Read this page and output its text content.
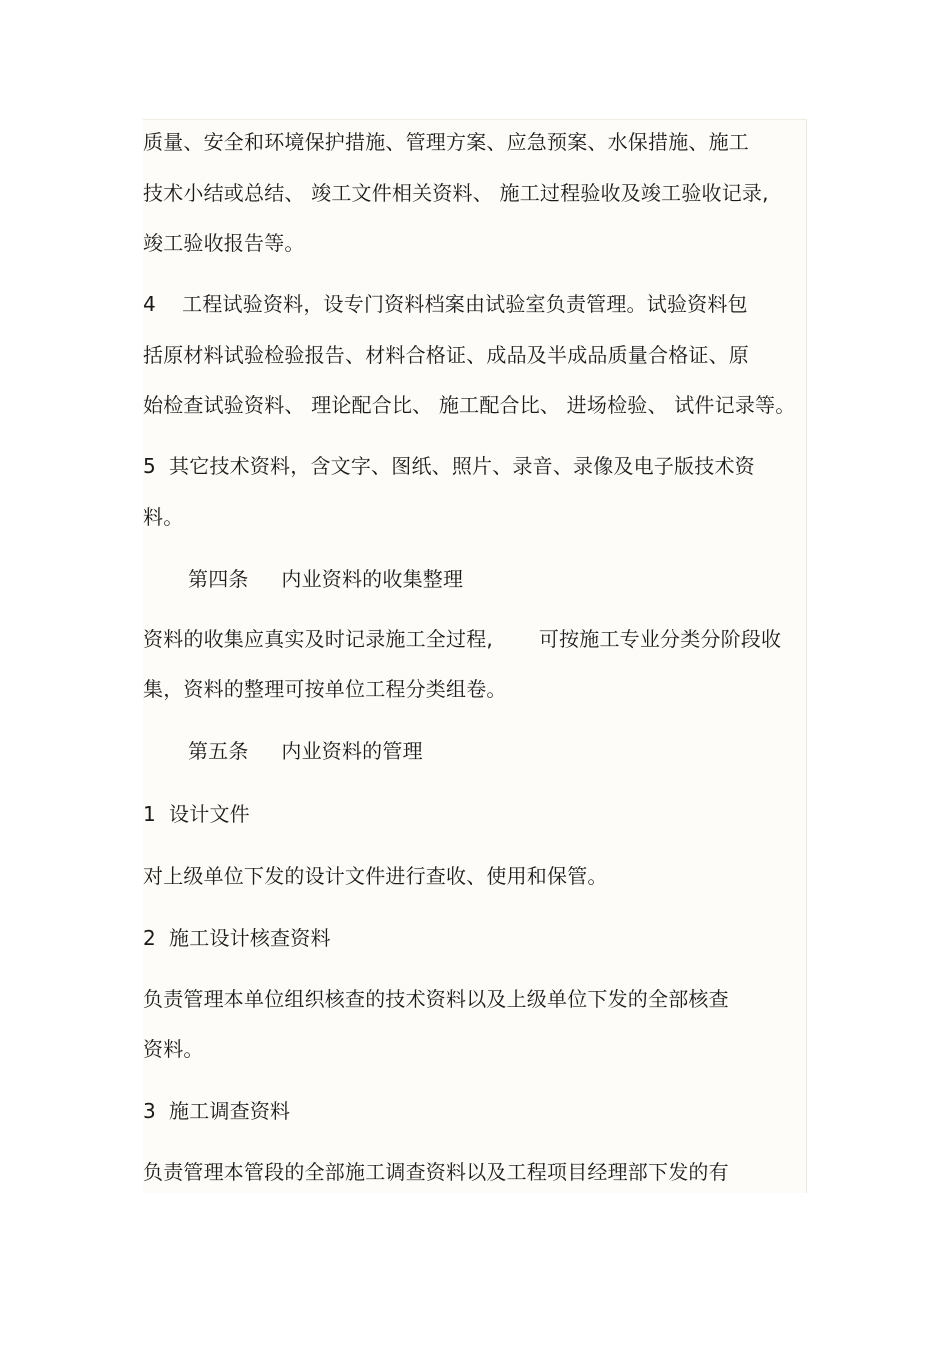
质量、安全和环境保护措施、管理方案、应急预案、水保措施、施工
技术小结或总结、 竣工文件相关资料、 施工过程验收及竣工验收记录,
竣工验收报告等。
4    工程试验资料，设专门资料档案由试验室负责管理。试验资料包
括原材料试验检验报告、材料合格证、成品及半成品质量合格证、原
始检查试验资料、 理论配合比、 施工配合比、 进场检验、 试件记录等。
5  其它技术资料，含文字、图纸、照片、录音、录像及电子版技术资
料。
第四条     内业资料的收集整理
资料的收集应真实及时记录施工全过程,       可按施工专业分类分阶段收
集，资料的整理可按单位工程分类组卷。
第五条     内业资料的管理
1  设计文件
对上级单位下发的设计文件进行查收、使用和保管。
2  施工设计核查资料
负责管理本单位组织核查的技术资料以及上级单位下发的全部核查
资料。
3  施工调查资料
负责管理本管段的全部施工调查资料以及工程项目经理部下发的有
